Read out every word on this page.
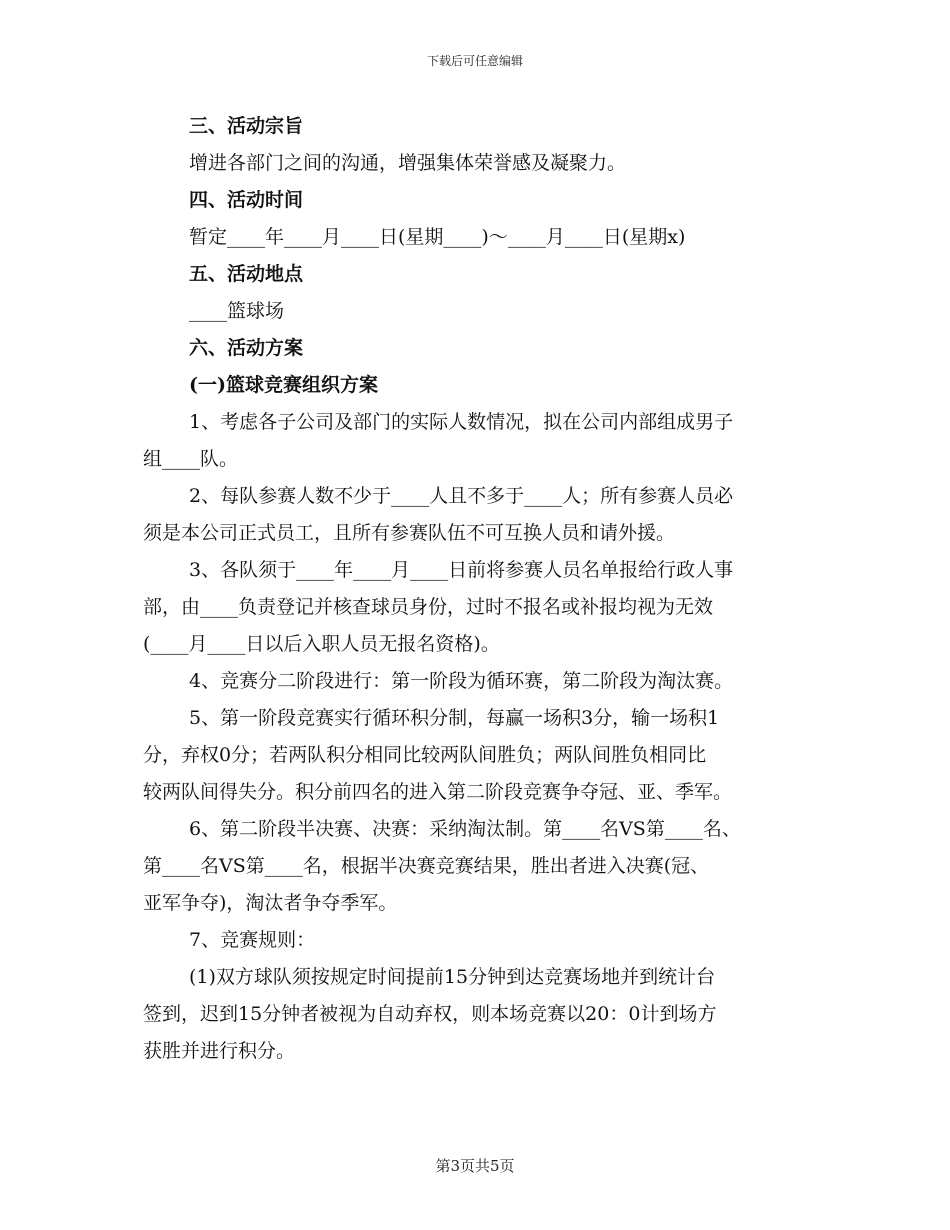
下载后可任意编辑

三、活动宗旨

增进各部门之间的沟通，增强集体荣誉感及凝聚力。

四、活动时间

暂定____年____月____日(星期____)～____月____日(星期x)

五、活动地点

____篮球场

六、活动方案

(一)篮球竞赛组织方案

1、考虑各子公司及部门的实际人数情况，拟在公司内部组成男子

组____队。

2、每队参赛人数不少于____人且不多于____人；所有参赛人员必

须是本公司正式员工，且所有参赛队伍不可互换人员和请外援。

3、各队须于____年____月____日前将参赛人员名单报给行政人事

部，由____负责登记并核查球员身份，过时不报名或补报均视为无效

(____月____日以后入职人员无报名资格)。

4、竞赛分二阶段进行：第一阶段为循环赛，第二阶段为淘汰赛。

5、第一阶段竞赛实行循环积分制，每赢一场积3分，输一场积1

分，弃权0分；若两队积分相同比较两队间胜负；两队间胜负相同比

较两队间得失分。积分前四名的进入第二阶段竞赛争夺冠、亚、季军。

6、第二阶段半决赛、决赛：采纳淘汰制。第____名VS第____名、

第____名VS第____名，根据半决赛竞赛结果，胜出者进入决赛(冠、

亚军争夺)，淘汰者争夺季军。

7、竞赛规则：

(1)双方球队须按规定时间提前15分钟到达竞赛场地并到统计台

签到，迟到15分钟者被视为自动弃权，则本场竞赛以20：0计到场方

获胜并进行积分。

第3页共5页
